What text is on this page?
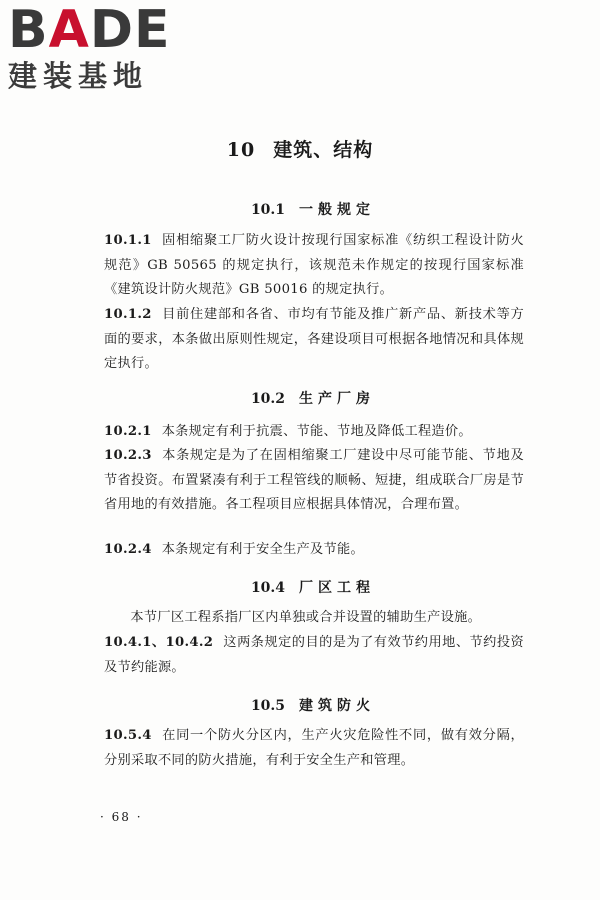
BADE
建装基地
10 建筑、结构
10.1 一般规定
10.1.1 固相缩聚工厂防火设计按现行国家标准《纺织工程设计防火规范》GB 50565 的规定执行，该规范未作规定的按现行国家标准《建筑设计防火规范》GB 50016 的规定执行。
10.1.2 目前住建部和各省、市均有节能及推广新产品、新技术等方面的要求，本条做出原则性规定，各建设项目可根据各地情况和具体规定执行。
10.2 生产厂房
10.2.1 本条规定有利于抗震、节能、节地及降低工程造价。
10.2.3 本条规定是为了在固相缩聚工厂建设中尽可能节能、节地及节省投资。布置紧凑有利于工程管线的顺畅、短捷，组成联合厂房是节省用地的有效措施。各工程项目应根据具体情况，合理布置。
10.2.4 本条规定有利于安全生产及节能。
10.4 厂区工程
本节厂区工程系指厂区内单独或合并设置的辅助生产设施。
10.4.1、10.4.2 这两条规定的目的是为了有效节约用地、节约投资及节约能源。
10.5 建筑防火
10.5.4 在同一个防火分区内，生产火灾危险性不同，做有效分隔，分别采取不同的防火措施，有利于安全生产和管理。
· 68 ·
